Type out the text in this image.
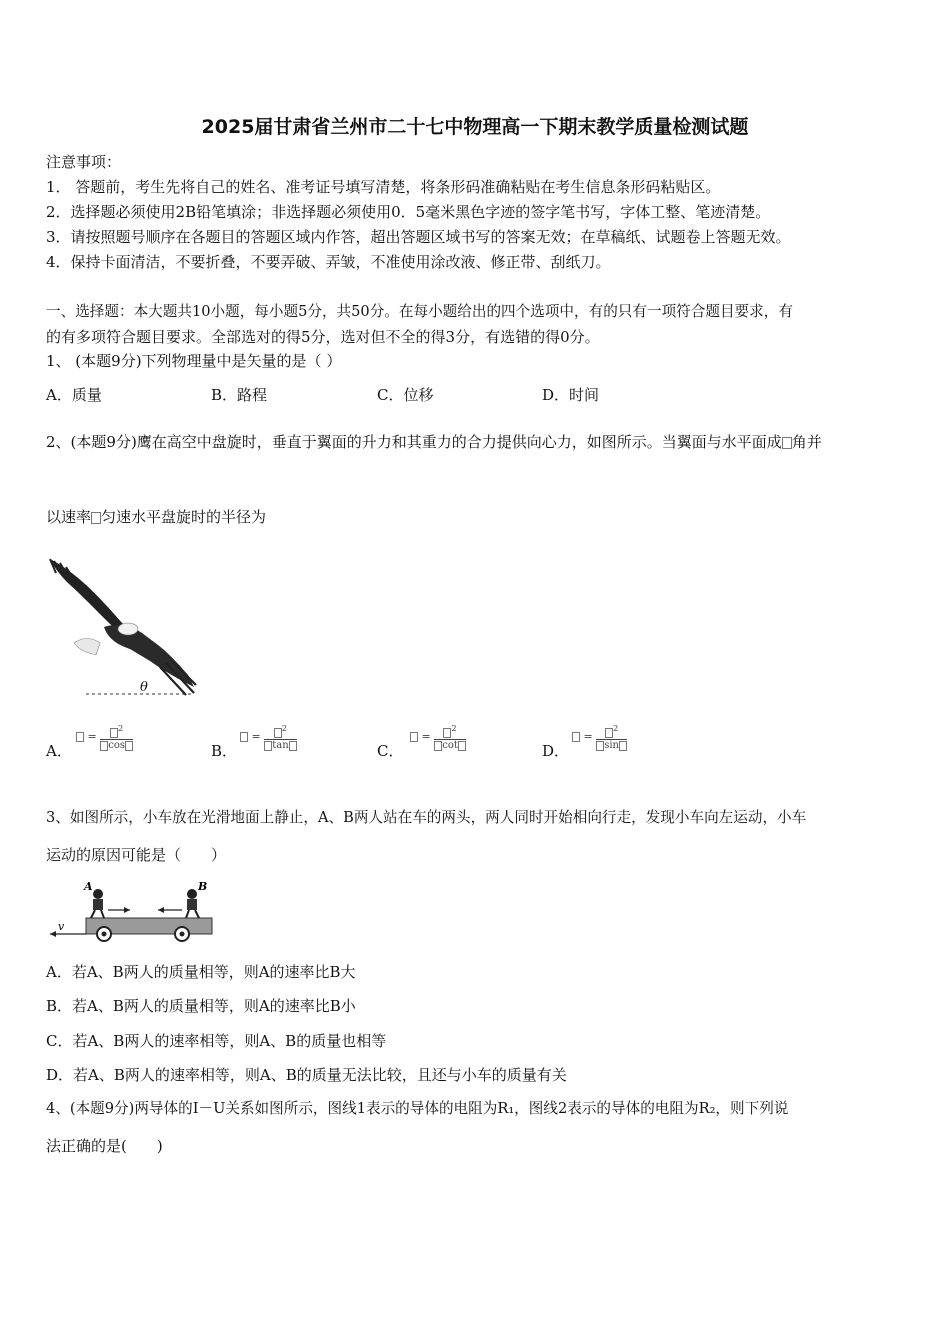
2025届甘肃省兰州市二十七中物理高一下期末教学质量检测试题
注意事项：
1． 答题前，考生先将自己的姓名、准考证号填写清楚，将条形码准确粘贴在考生信息条形码粘贴区。
2．选择题必须使用2B铅笔填涂；非选择题必须使用0．5毫米黑色字迹的签字笔书写，字体工整、笔迹清楚。
3．请按照题号顺序在各题目的答题区域内作答，超出答题区域书写的答案无效；在草稿纸、试题卷上答题无效。
4．保持卡面清洁，不要折叠，不要弄破、弄皱，不准使用涂改液、修正带、刮纸刀。
一、选择题：本大题共10小题，每小题5分，共50分。在每小题给出的四个选项中，有的只有一项符合题目要求，有
的有多项符合题目要求。全部选对的得5分，选对但不全的得3分，有选错的得0分。
1、 (本题9分)下列物理量中是矢量的是（ ）
A．质量	B．路程	C．位移	D．时间
2、(本题9分)鹰在高空中盘旋时，垂直于翼面的升力和其重力的合力提供向心力，如图所示。当翼面与水平面成 角并
以速率 匀速水平盘旋时的半径为
θ
A．
= $\frac{^2}{\cos}$	B．
= $\frac{^2}{\tan}$	C．
= $\frac{^2}{\cot}$	D．
= $\frac{^2}{\sin}$
3、如图所示，小车放在光滑地面上静止，A、B两人站在车的两头，两人同时开始相向行走，发现小车向左运动，小车
运动的原因可能是（　　）
v
A	B
A．若A、B两人的质量相等，则A的速率比B大
B．若A、B两人的质量相等，则A的速率比B小
C．若A、B两人的速率相等，则A、B的质量也相等
D．若A、B两人的速率相等，则A、B的质量无法比较，且还与小车的质量有关
4、(本题9分)两导体的I－U关系如图所示，图线1表示的导体的电阻为R₁，图线2表示的导体的电阻为R₂，则下列说
法正确的是(　　)
